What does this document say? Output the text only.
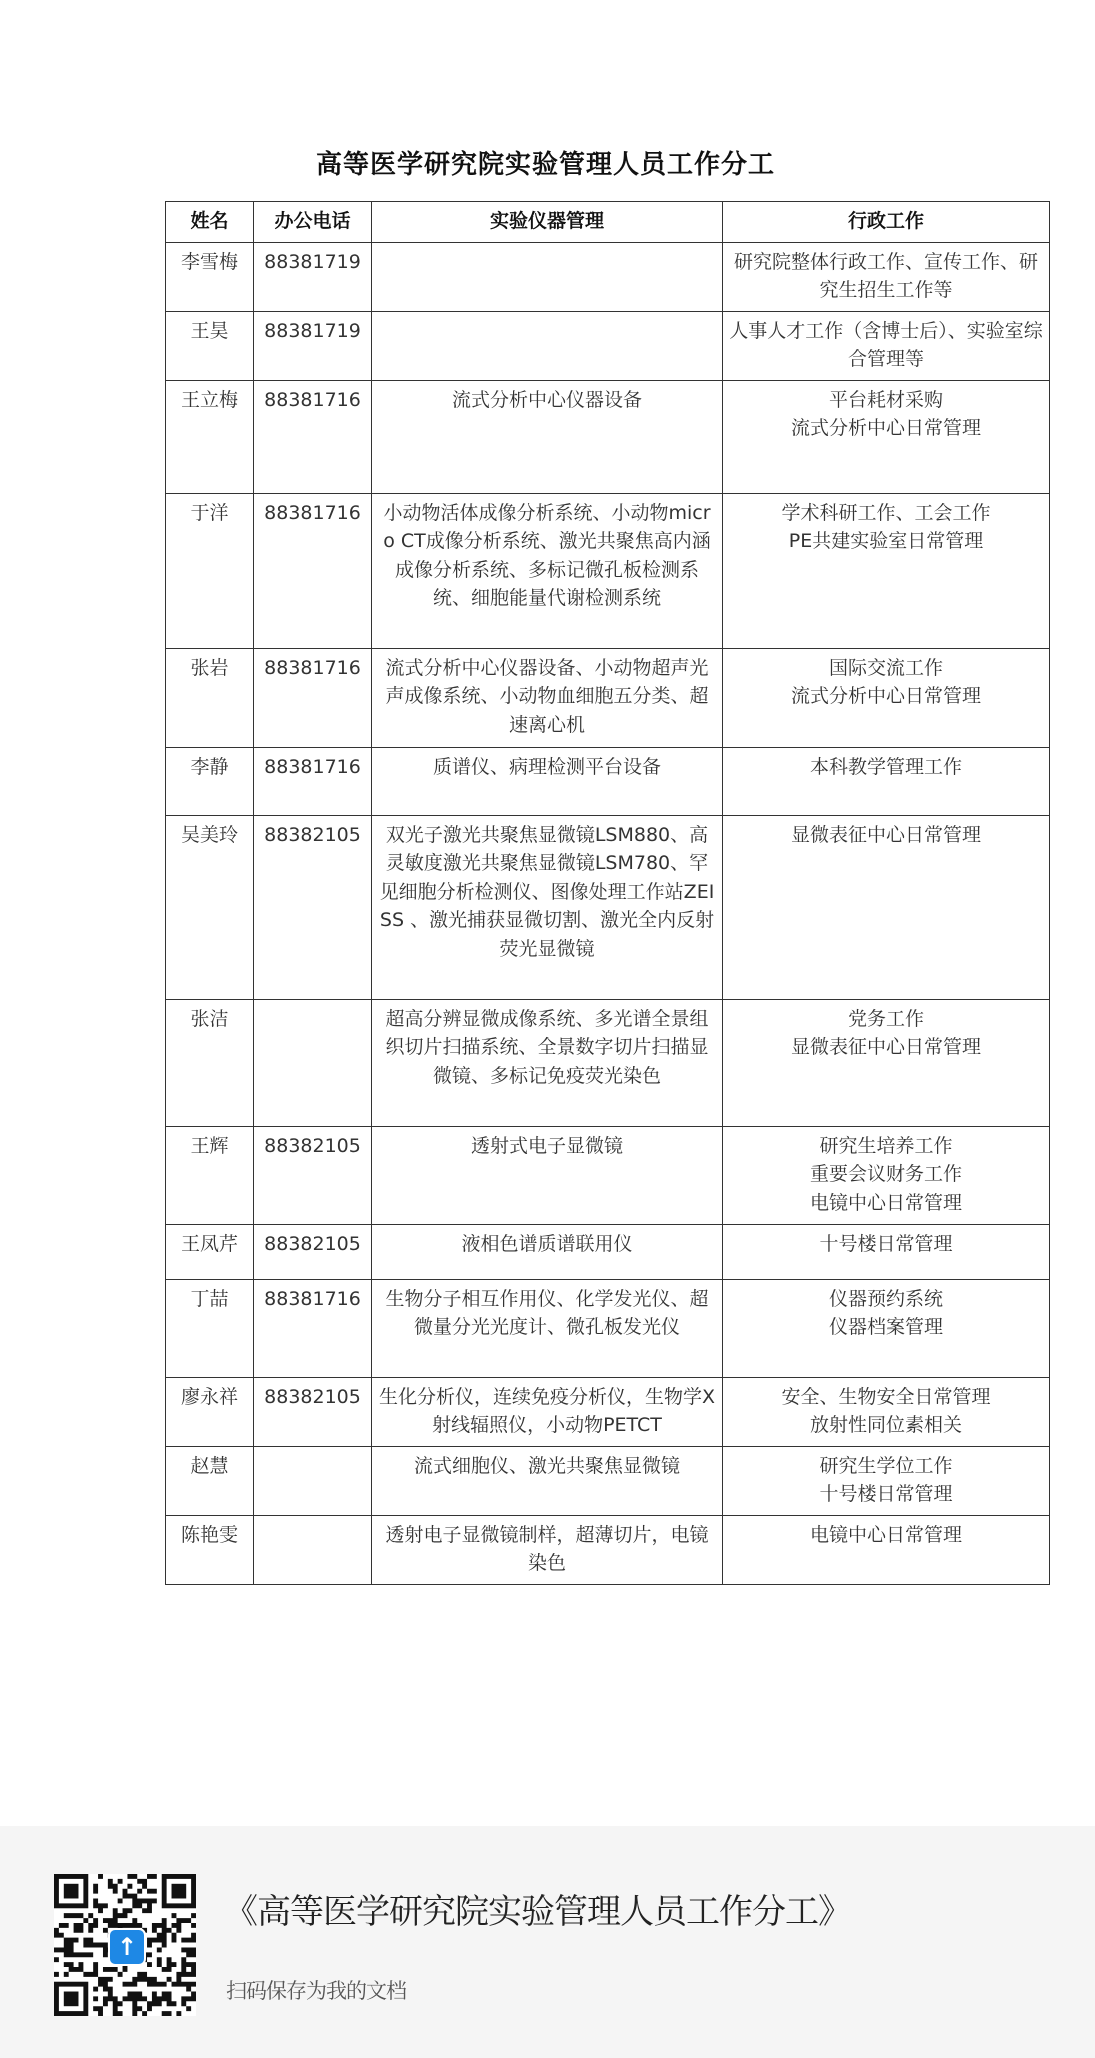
高等医学研究院实验管理人员工作分工
姓名	办公电话	实验仪器管理	行政工作
李雪梅	88381719		研究院整体行政工作、宣传工作、研究生招生工作等
王昊	88381719		人事人才工作（含博士后）、实验室综合管理等
王立梅	88381716	流式分析中心仪器设备	平台耗材采购
流式分析中心日常管理
于洋	88381716	小动物活体成像分析系统、小动物micro CT成像分析系统、激光共聚焦高内涵成像分析系统、多标记微孔板检测系统、细胞能量代谢检测系统	学术科研工作、工会工作
PE共建实验室日常管理
张岩	88381716	流式分析中心仪器设备、小动物超声光声成像系统、小动物血细胞五分类、超速离心机	国际交流工作
流式分析中心日常管理
李静	88381716	质谱仪、病理检测平台设备	本科教学管理工作
吴美玲	88382105	双光子激光共聚焦显微镜LSM880、高灵敏度激光共聚焦显微镜LSM780、罕见细胞分析检测仪、图像处理工作站ZEISS 、激光捕获显微切割、激光全内反射荧光显微镜	显微表征中心日常管理
张洁		超高分辨显微成像系统、多光谱全景组织切片扫描系统、全景数字切片扫描显微镜、多标记免疫荧光染色	党务工作
显微表征中心日常管理
王辉	88382105	透射式电子显微镜	研究生培养工作
重要会议财务工作
电镜中心日常管理
王凤芹	88382105	液相色谱质谱联用仪	十号楼日常管理
丁喆	88381716	生物分子相互作用仪、化学发光仪、超微量分光光度计、微孔板发光仪	仪器预约系统
仪器档案管理
廖永祥	88382105	生化分析仪，连续免疫分析仪，生物学X射线辐照仪，小动物PETCT	安全、生物安全日常管理
放射性同位素相关
赵慧		流式细胞仪、激光共聚焦显微镜	研究生学位工作
十号楼日常管理
陈艳雯		透射电子显微镜制样，超薄切片，电镜染色	电镜中心日常管理
↑
《高等医学研究院实验管理人员工作分工》
扫码保存为我的文档
